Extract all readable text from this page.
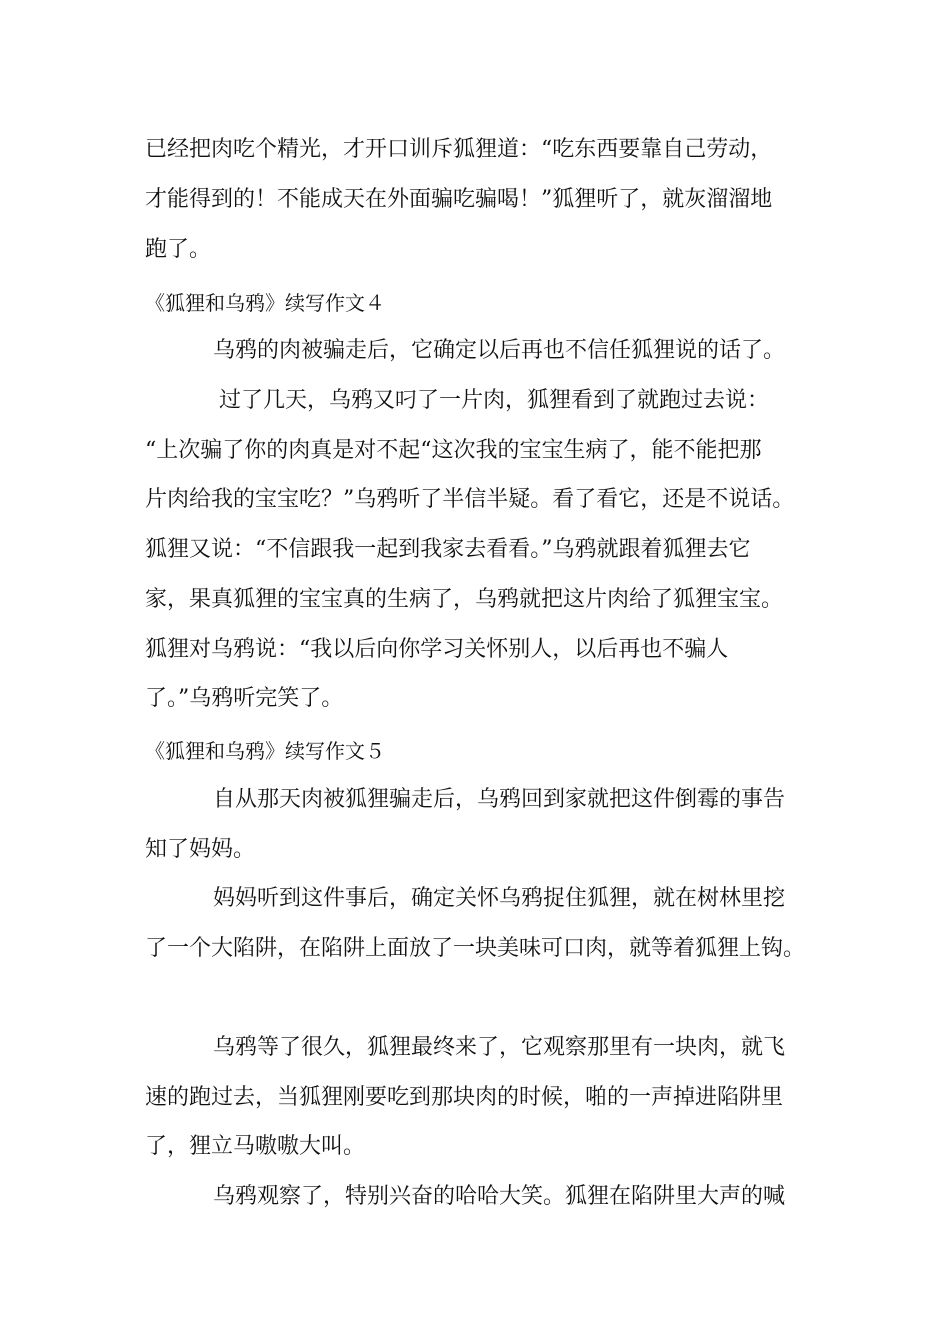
已经把肉吃个精光，才开口训斥狐狸道：“吃东西要靠自己劳动，
才能得到的！不能成天在外面骗吃骗喝！”狐狸听了，就灰溜溜地
跑了。
《狐狸和乌鸦》续写作文４
乌鸦的肉被骗走后，它确定以后再也不信任狐狸说的话了。
过了几天，乌鸦又叼了一片肉，狐狸看到了就跑过去说：
“上次骗了你的肉真是对不起“这次我的宝宝生病了，能不能把那
片肉给我的宝宝吃？”乌鸦听了半信半疑。看了看它，还是不说话。
狐狸又说：“不信跟我一起到我家去看看。”乌鸦就跟着狐狸去它
家，果真狐狸的宝宝真的生病了，乌鸦就把这片肉给了狐狸宝宝。
狐狸对乌鸦说：“我以后向你学习关怀别人，以后再也不骗人
了。”乌鸦听完笑了。
《狐狸和乌鸦》续写作文５
自从那天肉被狐狸骗走后，乌鸦回到家就把这件倒霉的事告
知了妈妈。
妈妈听到这件事后，确定关怀乌鸦捉住狐狸，就在树林里挖
了一个大陷阱，在陷阱上面放了一块美味可口肉，就等着狐狸上钩。
乌鸦等了很久，狐狸最终来了，它观察那里有一块肉，就飞
速的跑过去，当狐狸刚要吃到那块肉的时候，啪的一声掉进陷阱里
了，狸立马嗷嗷大叫。
乌鸦观察了，特别兴奋的哈哈大笑。狐狸在陷阱里大声的喊
